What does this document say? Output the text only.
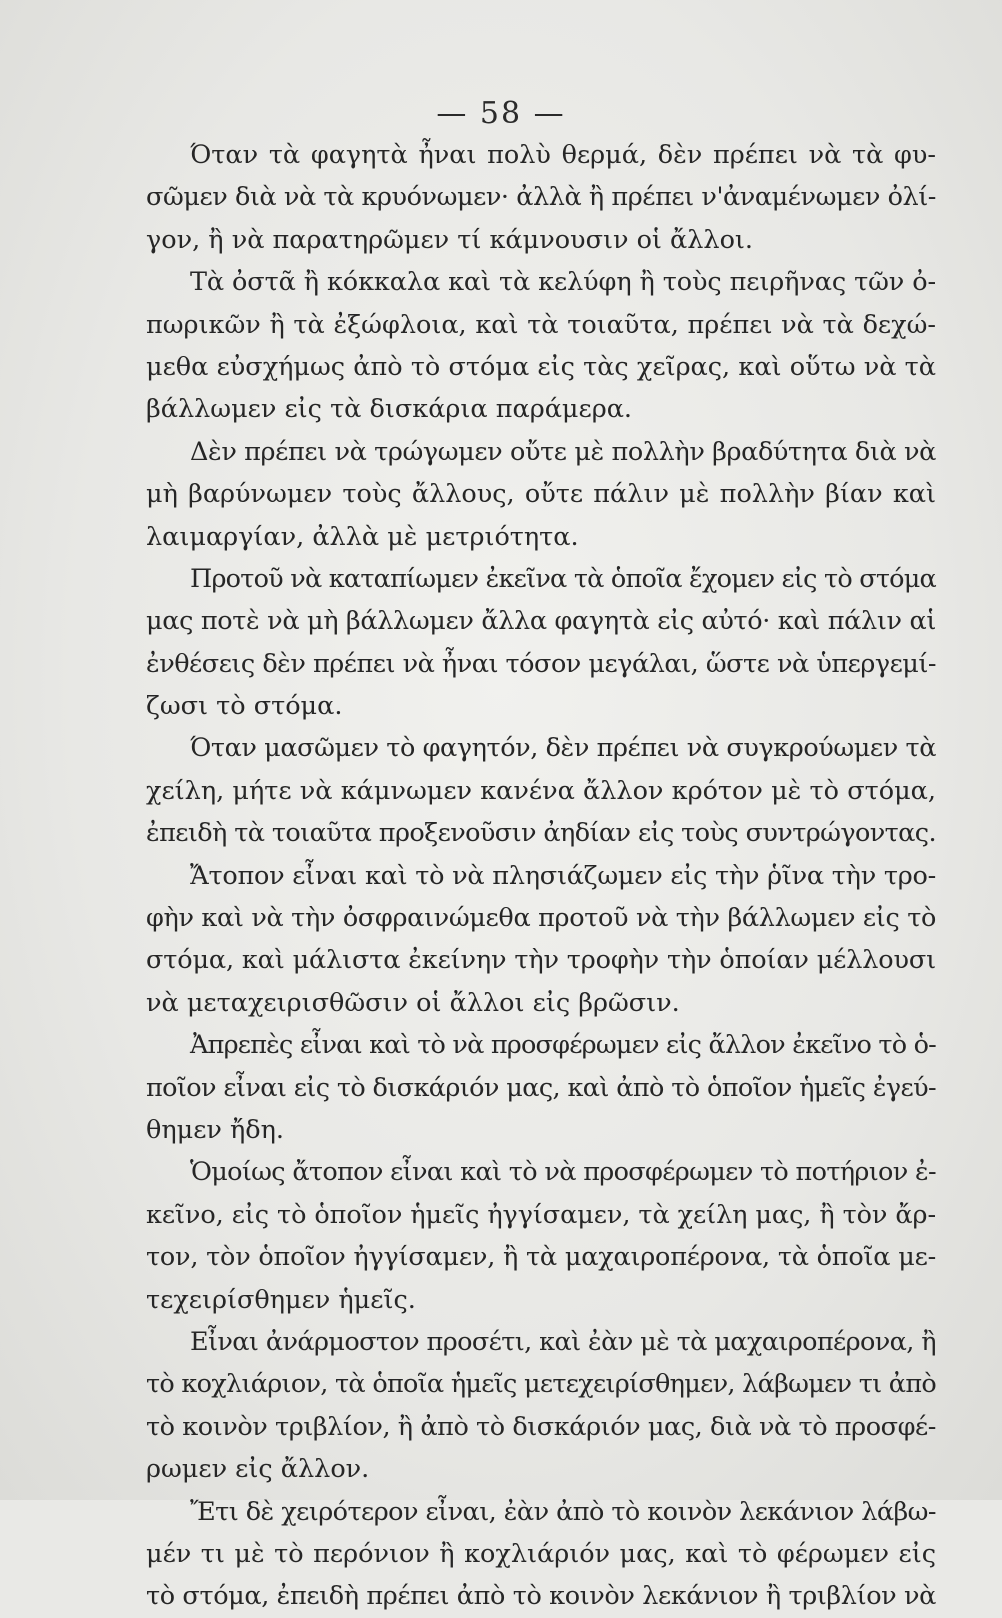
— 58 —
Όταν τὰ φαγητὰ ἦναι πολὺ θερμά, δὲν πρέπει νὰ τὰ φυ-
σῶμεν διὰ νὰ τὰ κρυόνωμεν· ἀλλὰ ἢ πρέπει ν'ἀναμένωμεν ὀλί-
γον, ἢ νὰ παρατηρῶμεν τί κάμνουσιν οἱ ἄλλοι.
Τὰ ὀστᾶ ἢ κόκκαλα καὶ τὰ κελύφη ἢ τοὺς πειρῆνας τῶν ὀ-
πωρικῶν ἢ τὰ ἐξώφλοια, καὶ τὰ τοιαῦτα, πρέπει νὰ τὰ δεχώ-
μεθα εὐσχήμως ἀπὸ τὸ στόμα εἰς τὰς χεῖρας, καὶ οὕτω νὰ τὰ
βάλλωμεν εἰς τὰ δισκάρια παράμερα.
Δὲν πρέπει νὰ τρώγωμεν οὔτε μὲ πολλὴν βραδύτητα διὰ νὰ
μὴ βαρύνωμεν τοὺς ἄλλους, οὔτε πάλιν μὲ πολλὴν βίαν καὶ
λαιμαργίαν, ἀλλὰ μὲ μετριότητα.
Προτοῦ νὰ καταπίωμεν ἐκεῖνα τὰ ὁποῖα ἔχομεν εἰς τὸ στόμα
μας ποτὲ νὰ μὴ βάλλωμεν ἄλλα φαγητὰ εἰς αὐτό· καὶ πάλιν αἱ
ἐνθέσεις δὲν πρέπει νὰ ἦναι τόσον μεγάλαι, ὥστε νὰ ὑπεργεμί-
ζωσι τὸ στόμα.
Όταν μασῶμεν τὸ φαγητόν, δὲν πρέπει νὰ συγκρούωμεν τὰ
χείλη, μήτε νὰ κάμνωμεν κανένα ἄλλον κρότον μὲ τὸ στόμα,
ἐπειδὴ τὰ τοιαῦτα προξενοῦσιν ἀηδίαν εἰς τοὺς συντρώγοντας.
Ἄτοπον εἶναι καὶ τὸ νὰ πλησιάζωμεν εἰς τὴν ῥῖνα τὴν τρο-
φὴν καὶ νὰ τὴν ὀσφραινώμεθα προτοῦ νὰ τὴν βάλλωμεν εἰς τὸ
στόμα, καὶ μάλιστα ἐκείνην τὴν τροφὴν τὴν ὁποίαν μέλλουσι
νὰ μεταχειρισθῶσιν οἱ ἄλλοι εἰς βρῶσιν.
Ἀπρεπὲς εἶναι καὶ τὸ νὰ προσφέρωμεν εἰς ἄλλον ἐκεῖνο τὸ ὁ-
ποῖον εἶναι εἰς τὸ δισκάριόν μας, καὶ ἀπὸ τὸ ὁποῖον ἡμεῖς ἐγεύ-
θημεν ἤδη.
Ὁμοίως ἄτοπον εἶναι καὶ τὸ νὰ προσφέρωμεν τὸ ποτήριον ἐ-
κεῖνο, εἰς τὸ ὁποῖον ἡμεῖς ἠγγίσαμεν, τὰ χείλη μας, ἢ τὸν ἄρ-
τον, τὸν ὁποῖον ἠγγίσαμεν, ἢ τὰ μαχαιροπέρονα, τὰ ὁποῖα με-
τεχειρίσθημεν ἡμεῖς.
Εἶναι ἀνάρμοστον προσέτι, καὶ ἐὰν μὲ τὰ μαχαιροπέρονα, ἢ
τὸ κοχλιάριον, τὰ ὁποῖα ἡμεῖς μετεχειρίσθημεν, λάβωμεν τι ἀπὸ
τὸ κοινὸν τριβλίον, ἢ ἀπὸ τὸ δισκάριόν μας, διὰ νὰ τὸ προσφέ-
ρωμεν εἰς ἄλλον.
Ἔτι δὲ χειρότερον εἶναι, ἐὰν ἀπὸ τὸ κοινὸν λεκάνιον λάβω-
μέν τι μὲ τὸ περόνιον ἢ κοχλιάριόν μας, καὶ τὸ φέρωμεν εἰς
τὸ στόμα, ἐπειδὴ πρέπει ἀπὸ τὸ κοινὸν λεκάνιον ἢ τριβλίον νὰ
